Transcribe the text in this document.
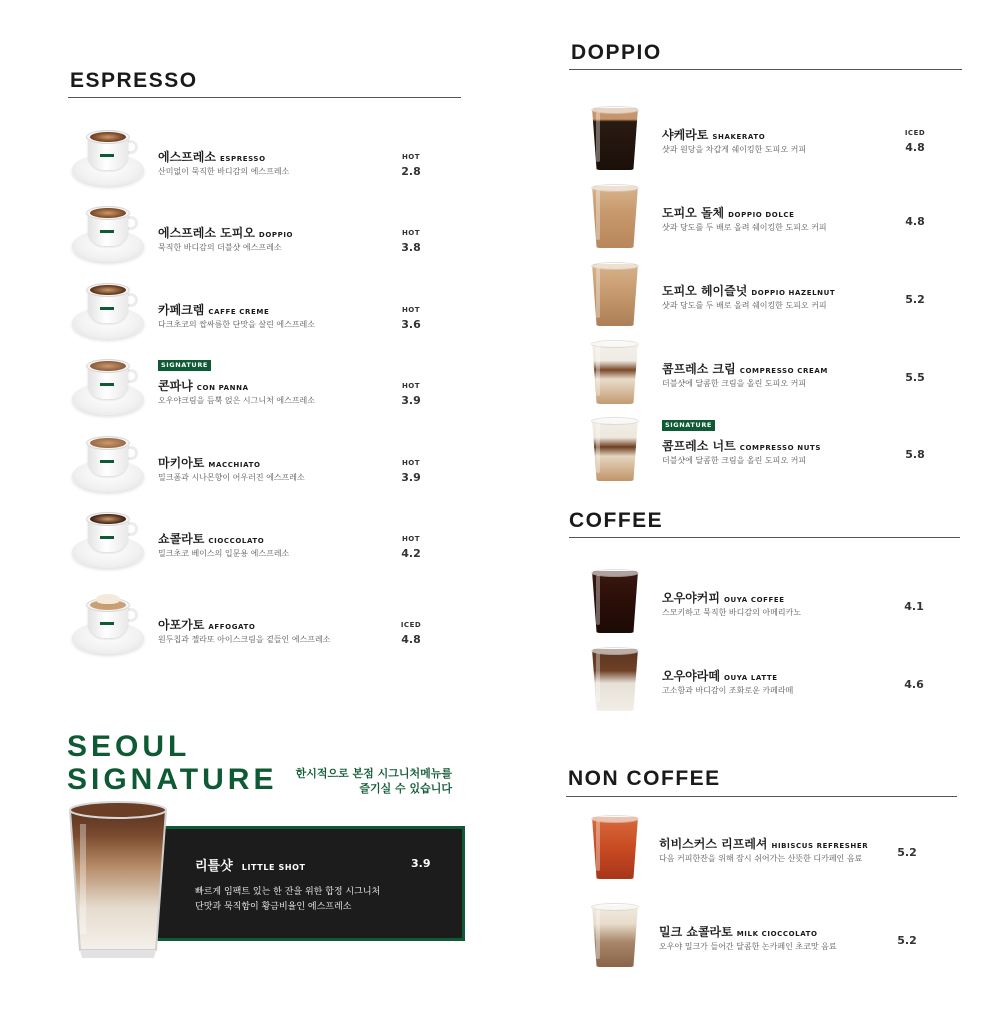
ESPRESSO
에스프레소 ESPRESSO
산미없이 묵직한 바디감의 에스프레소
HOT
2.8
에스프레소 도피오 DOPPIO
묵직한 바디감의 더블샷 에스프레소
HOT
3.8
카페크렘 CAFFE CREME
다크초코의 쌉싸름한 단맛을 살린 에스프레소
HOT
3.6
SIGNATURE
콘파냐 CON PANNA
오우야크림을 듬뿍 얹은 시그니처 에스프레소
HOT
3.9
마키아토 MACCHIATO
밀크폼과 시나몬향이 어우러진 에스프레소
HOT
3.9
쇼콜라토 CIOCCOLATO
밀크초코 베이스의 입문용 에스프레소
HOT
4.2
아포가토 AFFOGATO
원두칩과 젤라또 아이스크림을 곁들인 에스프레소
ICED
4.8
DOPPIO
샤케라토 SHAKERATO
샷과 원당을 차갑게 쉐이킹한 도피오 커피
ICED
4.8
도피오 돌체 DOPPIO DOLCE
샷과 당도를 두 배로 올려 쉐이킹한 도피오 커피	4.8
도피오 헤이즐넛 DOPPIO HAZELNUT
샷과 당도를 두 배로 올려 쉐이킹한 도피오 커피	5.2
콤프레소 크림 COMPRESSO CREAM
더블샷에 달콤한 크림을 올린 도피오 커피	5.5
SIGNATURE
콤프레소 너트 COMPRESSO NUTS
더블샷에 달콤한 크림을 올린 도피오 커피	5.8
COFFEE
오우야커피 OUYA COFFEE
스모키하고 묵직한 바디감의 아메리카노	4.1
오우야라떼 OUYA LATTE
고소함과 바디감이 조화로운 카페라떼	4.6
NON COFFEE
히비스커스 리프레셔 HIBISCUS REFRESHER
다음 커피한잔을 위해 잠시 쉬어가는 산뜻한 디카페인 음료	5.2
밀크 쇼콜라토 MILK CIOCCOLATO
오우야 밀크가 들어간 달콤한 논카페인 초코맛 음료	5.2
SEOUL
SIGNATURE	한시적으로 본점 시그니처메뉴를
즐기실 수 있습니다
리틀샷 LITTLE SHOT	3.9
빠르게 임팩트 있는 한 잔을 위한 합정 시그니처
단맛과 묵직함이 황금비율인 에스프레소
